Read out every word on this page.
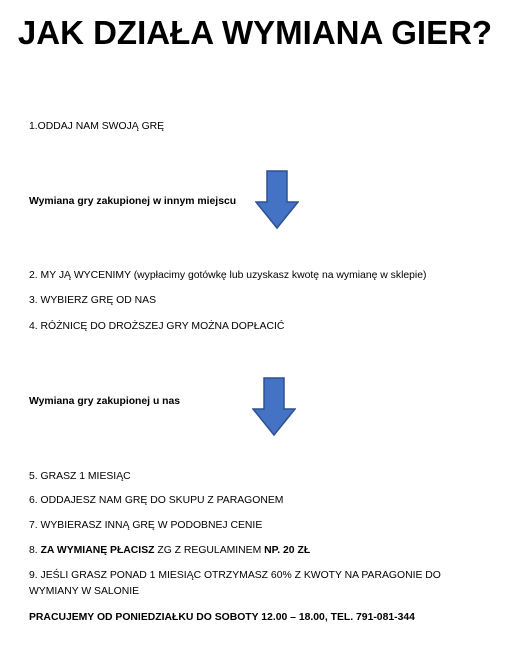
JAK DZIAŁA WYMIANA GIER?
1.ODDAJ NAM SWOJĄ GRĘ
Wymiana gry zakupionej w innym miejscu
2. MY JĄ WYCENIMY (wypłacimy gotówkę lub uzyskasz kwotę na wymianę w sklepie)
3. WYBIERZ GRĘ OD NAS
4. RÓŻNICĘ DO DROŻSZEJ GRY MOŻNA DOPŁACIĆ
Wymiana gry zakupionej u nas
5. GRASZ 1 MIESIĄC
6. ODDAJESZ NAM GRĘ DO SKUPU Z PARAGONEM
7. WYBIERASZ INNĄ GRĘ W PODOBNEJ CENIE
8. ZA WYMIANĘ PŁACISZ ZG Z REGULAMINEM NP. 20 ZŁ
9. JEŚLI GRASZ PONAD 1 MIESIĄC OTRZYMASZ 60% Z KWOTY NA PARAGONIE DO WYMIANY W SALONIE
PRACUJEMY OD PONIEDZIAŁKU DO SOBOTY 12.00 – 18.00, TEL. 791-081-344
